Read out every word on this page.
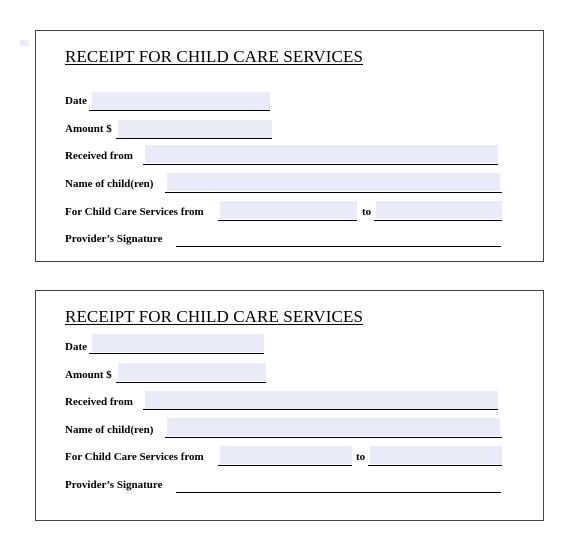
RECEIPT FOR CHILD CARE SERVICES
Date
Amount $
Received from
Name of child(ren)
For Child Care Services from	to
Provider’s Signature
RECEIPT FOR CHILD CARE SERVICES
Date
Amount $
Received from
Name of child(ren)
For Child Care Services from	to
Provider’s Signature
